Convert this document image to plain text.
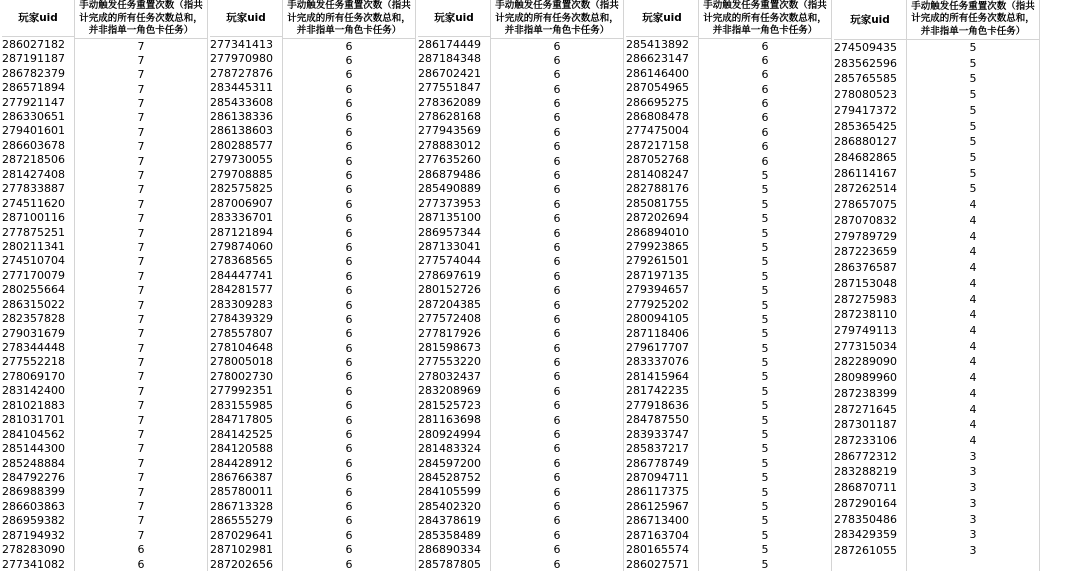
玩家uid
286027182
287191187
286782379
286571894
277921147
286330651
279401601
286603678
287218506
281427408
277833887
274511620
287100116
277875251
280211341
274510704
277170079
280255664
286315022
282357828
279031679
278344448
277552218
278069170
283142400
281021883
281031701
284104562
285144300
285248884
284792276
286988399
286603863
286959382
287194932
278283090
277341082
手动触发任务重置次数（指共计完成的所有任务次数总和，并非指单一角色卡任务）
7
7
7
7
7
7
7
7
7
7
7
7
7
7
7
7
7
7
7
7
7
7
7
7
7
7
7
7
7
7
7
7
7
7
7
6
6
玩家uid
277341413
277970980
278727876
283445311
285433608
286138336
286138603
280288577
279730055
279708885
282575825
287006907
283336701
287121894
279874060
278368565
284447741
284281577
283309283
278439329
278557807
278104648
278005018
278002730
277992351
283155985
284717805
284142525
284120588
284428912
286766387
285780011
286713328
286555279
287029641
287102981
287202656
手动触发任务重置次数（指共计完成的所有任务次数总和，并非指单一角色卡任务）
6
6
6
6
6
6
6
6
6
6
6
6
6
6
6
6
6
6
6
6
6
6
6
6
6
6
6
6
6
6
6
6
6
6
6
6
6
玩家uid
286174449
287184348
286702421
277551847
278362089
278628168
277943569
278883012
277635260
286879486
285490889
277373953
287135100
286957344
287133041
277574044
278697619
280152726
287204385
277572408
277817926
281598673
277553220
278032437
283208969
281525723
281163698
280924994
281483324
284597200
284528752
284105599
285402320
284378619
285358489
286890334
285787805
手动触发任务重置次数（指共计完成的所有任务次数总和，并非指单一角色卡任务）
6
6
6
6
6
6
6
6
6
6
6
6
6
6
6
6
6
6
6
6
6
6
6
6
6
6
6
6
6
6
6
6
6
6
6
6
6
玩家uid
285413892
286623147
286146400
287054965
286695275
286808478
277475004
287217158
287052768
281408247
282788176
285081755
287202694
286894010
279923865
279261501
287197135
279394657
277925202
280094105
287118406
279617707
283337076
281415964
281742235
277918636
284787550
283933747
285837217
286778749
287094711
286117375
286125967
286713400
287163704
280165574
286027571
手动触发任务重置次数（指共计完成的所有任务次数总和，并非指单一角色卡任务）
6
6
6
6
6
6
6
6
6
5
5
5
5
5
5
5
5
5
5
5
5
5
5
5
5
5
5
5
5
5
5
5
5
5
5
5
5
玩家uid
274509435
283562596
285765585
278080523
279417372
285365425
286880127
284682865
286114167
287262514
278657075
287070832
279789729
287223659
286376587
287153048
287275983
287238110
279749113
277315034
282289090
280989960
287238399
287271645
287301187
287233106
286772312
283288219
286870711
287290164
278350486
283429359
287261055
手动触发任务重置次数（指共计完成的所有任务次数总和，并非指单一角色卡任务）
5
5
5
5
5
5
5
5
5
5
4
4
4
4
4
4
4
4
4
4
4
4
4
4
4
4
3
3
3
3
3
3
3
